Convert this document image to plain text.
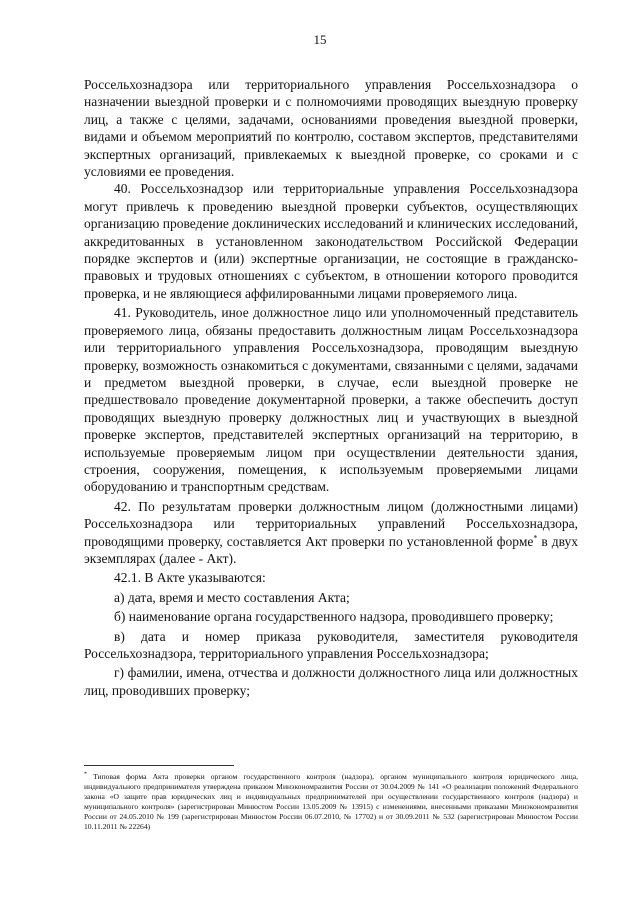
15

Россельхознадзора или территориального управления Россельхознадзора о назначении выездной проверки и с полномочиями проводящих выездную проверку лиц, а также с целями, задачами, основаниями проведения выездной проверки, видами и объемом мероприятий по контролю, составом экспертов, представителями экспертных организаций, привлекаемых к выездной проверке, со сроками и с условиями ее проведения.

40. Россельхознадзор или территориальные управления Россельхознадзора могут привлечь к проведению выездной проверки субъектов, осуществляющих организацию проведение доклинических исследований и клинических исследований, аккредитованных в установленном законодательством Российской Федерации порядке экспертов и (или) экспертные организации, не состоящие в гражданско-правовых и трудовых отношениях с субъектом, в отношении которого проводится проверка, и не являющиеся аффилированными лицами проверяемого лица.

41. Руководитель, иное должностное лицо или уполномоченный представитель проверяемого лица, обязаны предоставить должностным лицам Россельхознадзора или территориального управления Россельхознадзора, проводящим выездную проверку, возможность ознакомиться с документами, связанными с целями, задачами и предметом выездной проверки, в случае, если выездной проверке не предшествовало проведение документарной проверки, а также обеспечить доступ проводящих выездную проверку должностных лиц и участвующих в выездной проверке экспертов, представителей экспертных организаций на территорию, в используемые проверяемым лицом при осуществлении деятельности здания, строения, сооружения, помещения, к используемым проверяемыми лицами оборудованию и транспортным средствам.

42. По результатам проверки должностным лицом (должностными лицами) Россельхознадзора или территориальных управлений Россельхознадзора, проводящими проверку, составляется Акт проверки по установленной форме* в двух экземплярах (далее - Акт).

42.1. В Акте указываются:

а) дата, время и место составления Акта;

б) наименование органа государственного надзора, проводившего проверку;

в) дата и номер приказа руководителя, заместителя руководителя Россельхознадзора, территориального управления Россельхознадзора;

г) фамилии, имена, отчества и должности должностного лица или должностных лиц, проводивших проверку;

* Типовая форма Акта проверки органом государственного контроля (надзора), органом муниципального контроля юридического лица, индивидуального предпринимателя утверждена приказом Минэкономразвития России от 30.04.2009 № 141 «О реализации положений Федерального закона «О защите прав юридических лиц и индивидуальных предпринимателей при осуществлении государственного контроля (надзора) и муниципального контроля» (зарегистрирован Минюстом России 13.05.2009 № 13915) с изменениями, внесенными приказами Минэкономразвития России от 24.05.2010 № 199 (зарегистрирован Минюстом России 06.07.2010, № 17702) и от 30.09.2011 № 532 (зарегистрирован Минюстом России 10.11.2011 № 22264)
